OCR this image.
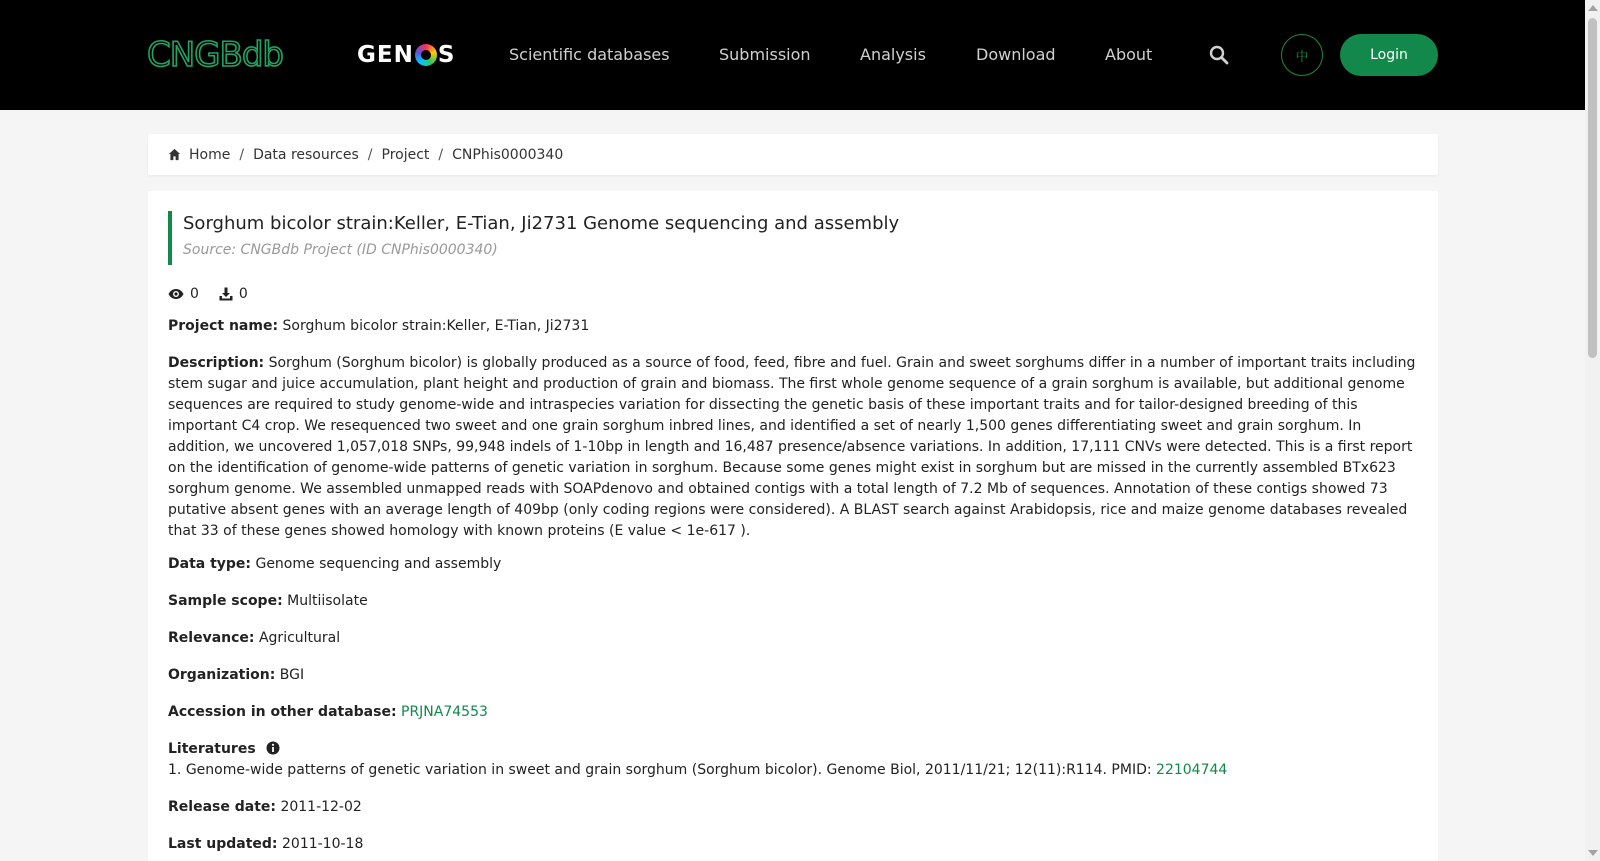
CNGBdb	GEN S	Scientific databases	Submission	Analysis	Download	About	中	Login
Home / Data resources / Project / CNPhis0000340
Sorghum bicolor strain:Keller, E-Tian, Ji2731 Genome sequencing and assembly
Source: CNGBdb Project (ID CNPhis0000340)
0	0
Project name: Sorghum bicolor strain:Keller, E-Tian, Ji2731
Description: Sorghum (Sorghum bicolor) is globally produced as a source of food, feed, fibre and fuel. Grain and sweet sorghums differ in a number of important traits including stem sugar and juice accumulation, plant height and production of grain and biomass. The first whole genome sequence of a grain sorghum is available, but additional genome sequences are required to study genome-wide and intraspecies variation for dissecting the genetic basis of these important traits and for tailor-designed breeding of this important C4 crop. We resequenced two sweet and one grain sorghum inbred lines, and identified a set of nearly 1,500 genes differentiating sweet and grain sorghum. In addition, we uncovered 1,057,018 SNPs, 99,948 indels of 1-10bp in length and 16,487 presence/absence variations. In addition, 17,111 CNVs were detected. This is a first report on the identification of genome-wide patterns of genetic variation in sorghum. Because some genes might exist in sorghum but are missed in the currently assembled BTx623 sorghum genome. We assembled unmapped reads with SOAPdenovo and obtained contigs with a total length of 7.2 Mb of sequences. Annotation of these contigs showed 73 putative absent genes with an average length of 409bp (only coding regions were considered). A BLAST search against Arabidopsis, rice and maize genome databases revealed that 33 of these genes showed homology with known proteins (E value < 1e-617 ).
Data type: Genome sequencing and assembly
Sample scope: Multiisolate
Relevance: Agricultural
Organization: BGI
Accession in other database: PRJNA74553
Literatures
1. Genome-wide patterns of genetic variation in sweet and grain sorghum (Sorghum bicolor). Genome Biol, 2011/11/21; 12(11):R114. PMID: 22104744
Release date: 2011-12-02
Last updated: 2011-10-18
